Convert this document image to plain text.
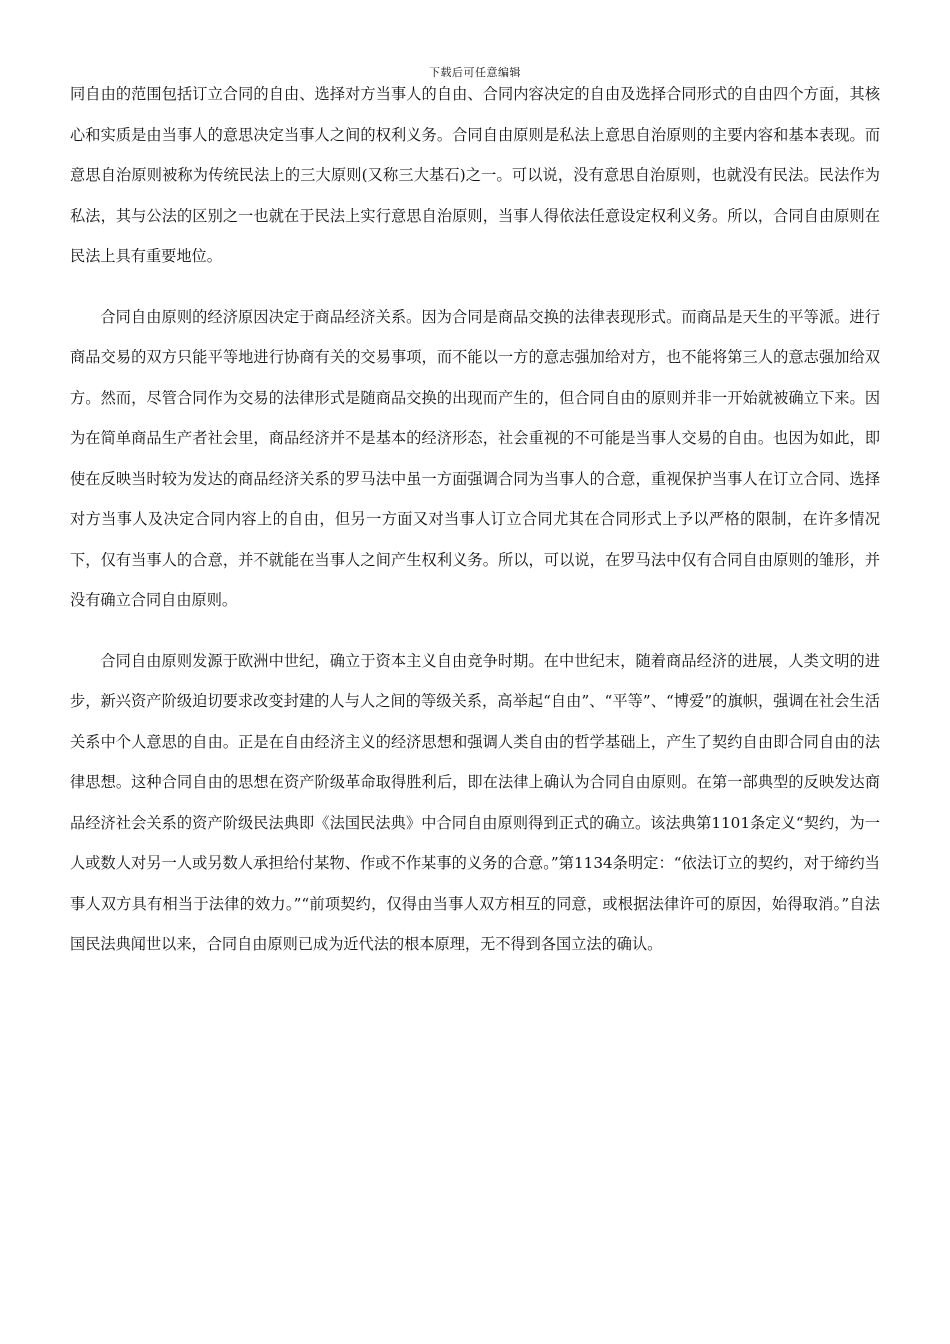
下载后可任意编辑

同自由的范围包括订立合同的自由、选择对方当事人的自由、合同内容决定的自由及选择合同形式的自由四个方面，其核心和实质是由当事人的意思决定当事人之间的权利义务。合同自由原则是私法上意思自治原则的主要内容和基本表现。而意思自治原则被称为传统民法上的三大原则(又称三大基石)之一。可以说，没有意思自治原则，也就没有民法。民法作为私法，其与公法的区别之一也就在于民法上实行意思自治原则，当事人得依法任意设定权利义务。所以，合同自由原则在民法上具有重要地位。

合同自由原则的经济原因决定于商品经济关系。因为合同是商品交换的法律表现形式。而商品是天生的平等派。进行商品交易的双方只能平等地进行协商有关的交易事项，而不能以一方的意志强加给对方，也不能将第三人的意志强加给双方。然而，尽管合同作为交易的法律形式是随商品交换的出现而产生的，但合同自由的原则并非一开始就被确立下来。因为在简单商品生产者社会里，商品经济并不是基本的经济形态，社会重视的不可能是当事人交易的自由。也因为如此，即使在反映当时较为发达的商品经济关系的罗马法中虽一方面强调合同为当事人的合意，重视保护当事人在订立合同、选择对方当事人及决定合同内容上的自由，但另一方面又对当事人订立合同尤其在合同形式上予以严格的限制，在许多情况下，仅有当事人的合意，并不就能在当事人之间产生权利义务。所以，可以说，在罗马法中仅有合同自由原则的雏形，并没有确立合同自由原则。

合同自由原则发源于欧洲中世纪，确立于资本主义自由竞争时期。在中世纪末，随着商品经济的进展，人类文明的进步，新兴资产阶级迫切要求改变封建的人与人之间的等级关系，高举起“自由”、“平等”、“博爱”的旗帜，强调在社会生活关系中个人意思的自由。正是在自由经济主义的经济思想和强调人类自由的哲学基础上，产生了契约自由即合同自由的法律思想。这种合同自由的思想在资产阶级革命取得胜利后，即在法律上确认为合同自由原则。在第一部典型的反映发达商品经济社会关系的资产阶级民法典即《法国民法典》中合同自由原则得到正式的确立。该法典第1101条定义“契约，为一人或数人对另一人或另数人承担给付某物、作或不作某事的义务的合意。”第1134条明定：“依法订立的契约，对于缔约当事人双方具有相当于法律的效力。”“前项契约，仅得由当事人双方相互的同意，或根据法律许可的原因，始得取消。”自法国民法典闻世以来，合同自由原则已成为近代法的根本原理，无不得到各国立法的确认。
